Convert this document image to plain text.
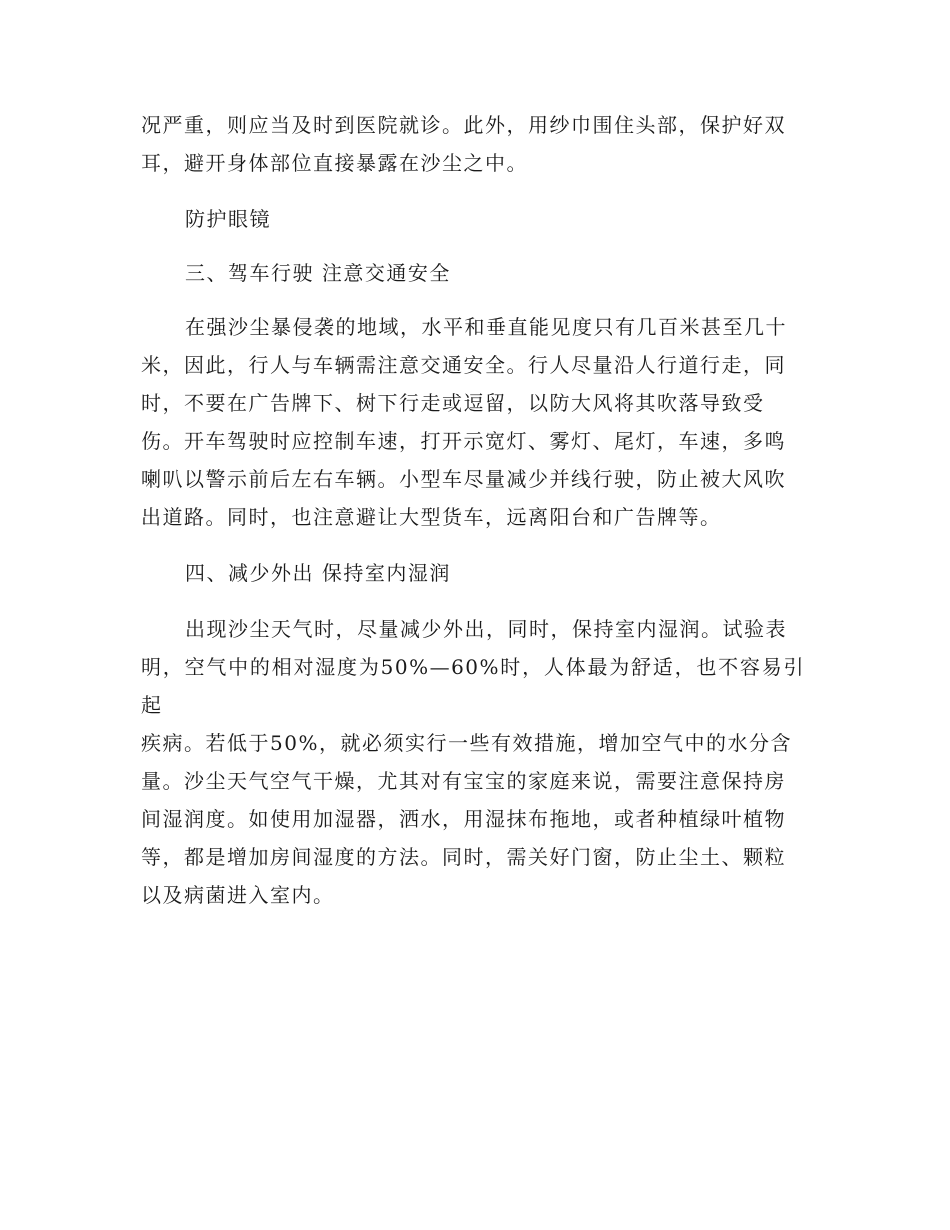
况严重，则应当及时到医院就诊。此外，用纱巾围住头部，保护好双
耳，避开身体部位直接暴露在沙尘之中。
防护眼镜
三、驾车行驶 注意交通安全
在强沙尘暴侵袭的地域，水平和垂直能见度只有几百米甚至几十
米，因此，行人与车辆需注意交通安全。行人尽量沿人行道行走，同
时，不要在广告牌下、树下行走或逗留，以防大风将其吹落导致受
伤。开车驾驶时应控制车速，打开示宽灯、雾灯、尾灯，车速，多鸣
喇叭以警示前后左右车辆。小型车尽量减少并线行驶，防止被大风吹
出道路。同时，也注意避让大型货车，远离阳台和广告牌等。
四、减少外出 保持室内湿润
出现沙尘天气时，尽量减少外出，同时，保持室内湿润。试验表
明，空气中的相对湿度为50%—60%时，人体最为舒适，也不容易引起
疾病。若低于50%，就必须实行一些有效措施，增加空气中的水分含
量。沙尘天气空气干燥，尤其对有宝宝的家庭来说，需要注意保持房
间湿润度。如使用加湿器，洒水，用湿抹布拖地，或者种植绿叶植物
等，都是增加房间湿度的方法。同时，需关好门窗，防止尘土、颗粒
以及病菌进入室内。
